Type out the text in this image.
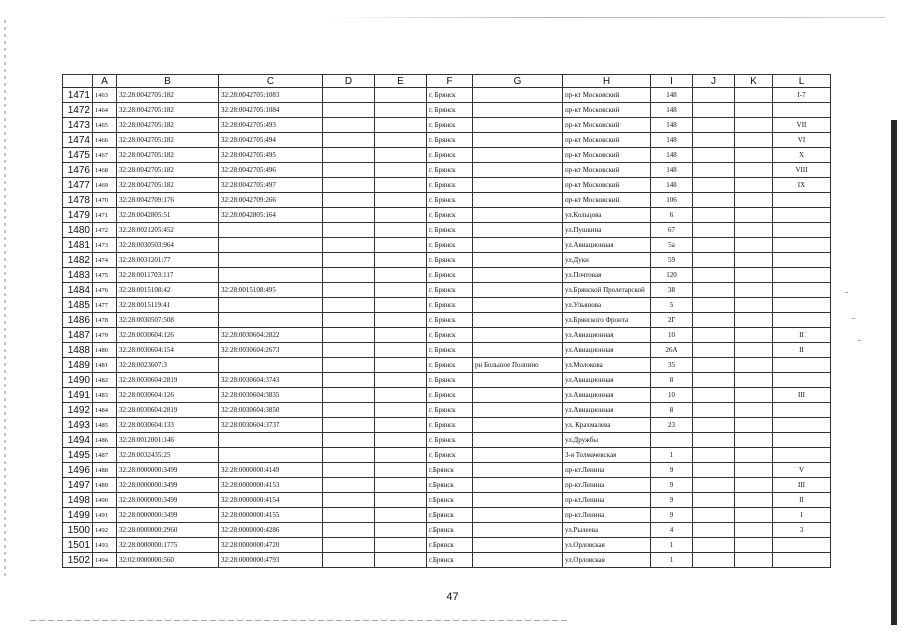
	A	B	C	D	E	F	G	H	I	J	K	L
1471	1463	32:28:0042705:182	32:28:0042705:1083			г. Брянск		пр-кт Московский	148			I-7
1472	1464	32:28:0042705:182	32:28:0042705:1084			г. Брянск		пр-кт Московский	148			
1473	1465	32:28:0042705:182	32:28:0042705:493			г. Брянск		пр-кт Московский	148			VII
1474	1466	32:28:0042705:182	32:28:0042705:494			г. Брянск		пр-кт Московский	148			VI
1475	1467	32:28:0042705:182	32:28:0042705:495			г. Брянск		пр-кт Московский	148			X
1476	1468	32:28:0042705:182	32:28:0042705:496			г. Брянск		пр-кт Московский	148			VIII
1477	1469	32:28:0042705:182	32:28:0042705:497			г. Брянск		пр-кт Московский	148			IX
1478	1470	32:28:0042709:176	32:28:0042709:266			г. Брянск		пр-кт Московский	106			
1479	1471	32:28:0042805:51	32:28:0042805:164			г. Брянск		ул.Кольцова	6			
1480	1472	32:28:0021205:452				г. Брянск		ул.Пушкина	67			
1481	1473	32:28:0030503:964				г. Брянск		ул.Авиационная	5а			
1482	1474	32:28:0031201:77				г. Брянск		ул.Дуки	59			
1483	1475	32:28:0011703:117				г. Брянск		ул.Почтовая	120			
1484	1476	32:28:0015108:42	32:28:0015108:495			г. Брянск		ул.Брянской Пролетарской	38			
1485	1477	32:28:0015119:41				г. Брянск		ул.Ульянова	5			
1486	1478	32:28:0030507:508				г. Брянск		ул.Брянского Фронта	2Г			
1487	1479	32:28:0030604:126	32:28:0030604:2822			г. Брянск		ул.Авиационная	10			II
1488	1480	32:28:0030604:154	32:28:0030604:2673			г. Брянск		ул.Авиационная	26А			II
1489	1481	32:28:0023607:3				г. Брянск	рн Большое Полпино	ул.Молокова	35			
1490	1482	32:28:0030604:2819	32:28:0030604:3743			г. Брянск		ул.Авиационная	8			
1491	1483	32:28:0030604:126	32:28:0030604:3835			г. Брянск		ул.Авиационная	10			III
1492	1484	32:28:0030604:2819	32:28:0030604:3850			г. Брянск		ул.Авиационная	8			
1493	1485	32:28:0030604:133	32:28:0030604:3737			г. Брянск		ул. Крахмалева	23			
1494	1486	32:28:0012001:146				г. Брянск		ул.Дружбы				
1495	1487	32:28:0032435:25				г. Брянск		3-я Толмачевская	1			
1496	1488	32:28:0000000:3499	32:28:0000000:4149			г.Брянск		пр-кт.Ленина	9			V
1497	1489	32:28:0000000:3499	32:28:0000000:4153			г.Брянск		пр-кт.Ленина	9			III
1498	1490	32:28:0000000:3499	32:28:0000000:4154			г.Брянск		пр-кт.Ленина	9			II
1499	1491	32:28:0000000:3499	32:28:0000000:4155			г.Брянск		пр-кт.Ленина	9			I
1500	1492	32:28:0000000:2960	32:28:0000000:4286			г.Брянск		ул.Рылеева	4			3
1501	1493	32:28:0000000:1775	32:28:0000000:4720			г.Брянск		ул.Орловская	1			
1502	1494	32:02:0000000:560	32:28:0000000:4793			г.Брянск		ул.Орловская	1			
47
